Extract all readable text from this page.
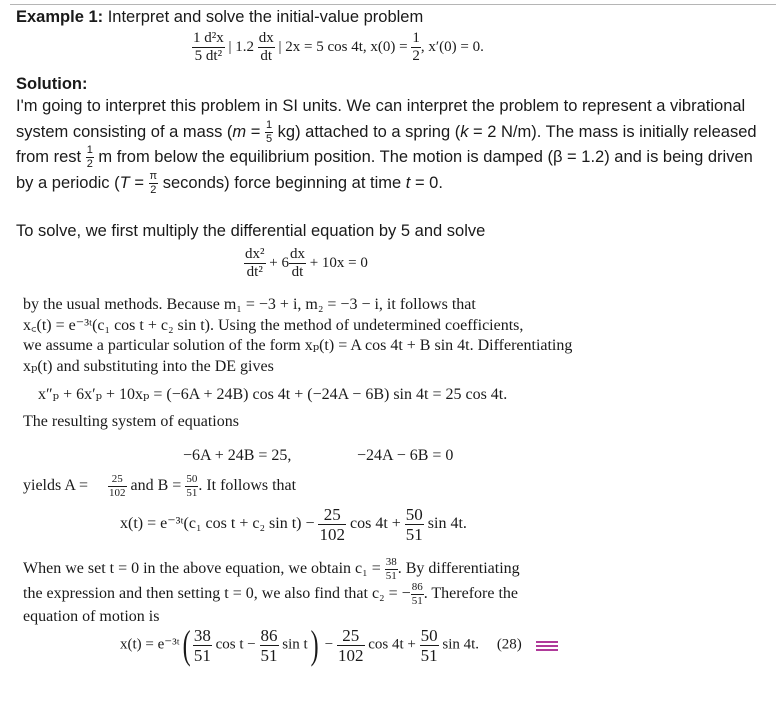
Example 1: Interpret and solve the initial-value problem
$\frac{\text{1 d²x}}{\text{5 dt²}}$ | $1.2 \frac{dx}{dt}$ | 2x = 5 cos 4t, $x(0) = \frac{1}{2}$ , x′(0) = 0.
Solution:
I'm going to interpret this problem in SI units. We can interpret the problem to represent a vibrational
system consisting of a mass $(m = \frac{1}{5} kg)$ attached to a spring (k = 2 N/m). The mass is initially released
from rest $\frac{1}{2}$ m from below the equilibrium position. The motion is damped (β = 1.2) and is being driven
by a periodic ($T = \frac{\pi}{2}$ seconds) force beginning at time t = 0.
To solve, we first multiply the differential equation by 5 and solve
$\frac{\text{dx²}}{\text{dt²}} + 6 \frac{dx}{dt} + 10x = 0$
by the usual methods. Because m₁ = −3 + i, m₂ = −3 − i, it follows that
x꜀(t) = e⁻³ᵗ(c₁ cos t + c₂ sin t). Using the method of undetermined coefficients,
we assume a particular solution of the form xₚ(t) = A cos 4t + B sin 4t. Differentiating
xₚ(t) and substituting into the DE gives
x″ₚ + 6x′ₚ + 10xₚ = (−6A + 24B) cos 4t + (−24A − 6B) sin 4t = 25 cos 4t.
The resulting system of equations
−6A + 24B = 25,	−24A − 6B = 0
yields $A = \frac{25}{102}$ and $B = \frac{50}{51}$ . It follows that
x(t) = e⁻³ᵗ(c₁ cos t + c₂ $\sin t) - \frac{25}{102}$ $\cos 4t + \frac{50}{51}$ sin 4t.
When we set t = 0 in the above equation, we obtain $c_1 = \frac{38}{51}$ . By differentiating
the expression and then setting t = 0, we also find that c₂ = − $\frac{86}{51}$ . Therefore the
equation of motion is
x(t) = e⁻³ᵗ( $\frac{38}{51}$ $\cos t - \frac{86}{51}$ $\sin t) - \frac{25}{102}$ $\cos 4t + \frac{50}{51}$ sin 4t. (28)
